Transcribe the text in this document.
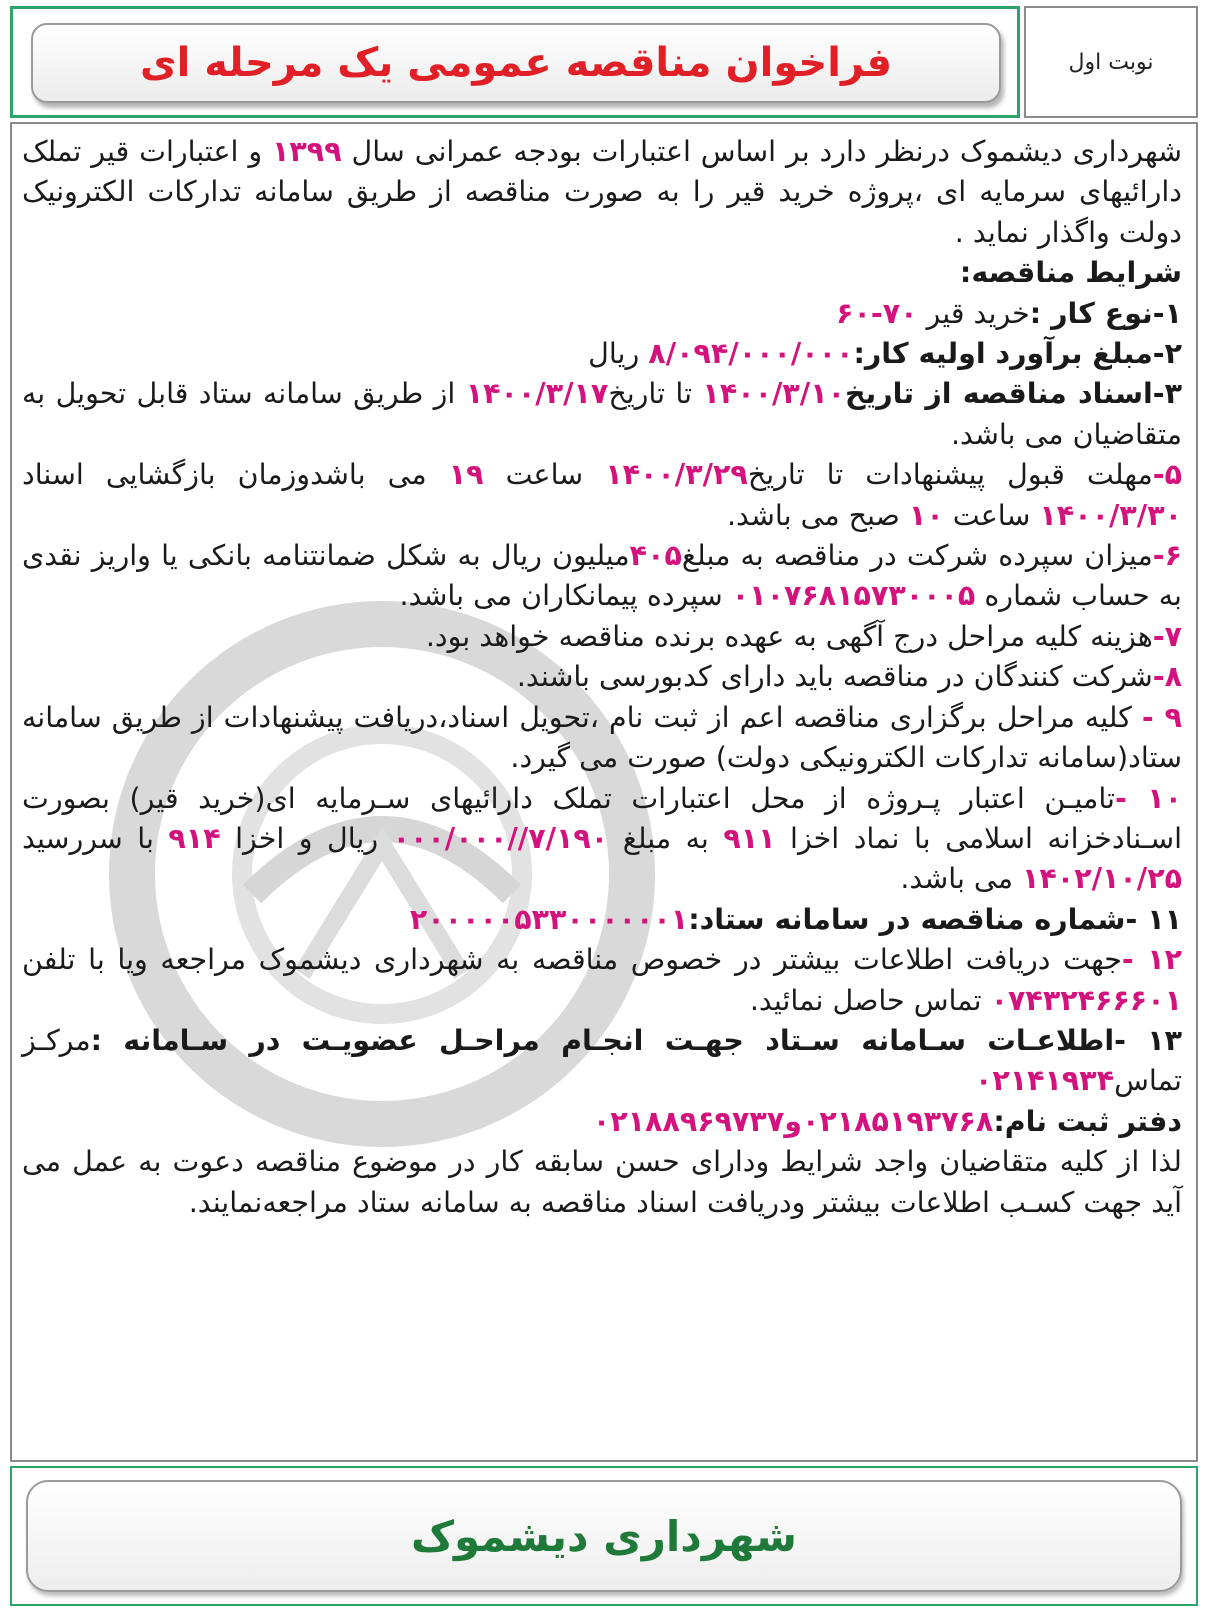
فراخوان مناقصه عمومی یک مرحله ای	نوبت اول

شهرداری دیشموک درنظر دارد بر اساس اعتبارات بودجه عمرانی سال ۱۳۹۹ و اعتبارات قیر تملک دارائیهای سرمایه ای ،پروژه خرید قیر را به صورت مناقصه از طریق سامانه تدارکات الکترونیک دولت واگذار نماید .

شرایط مناقصه:

۱-نوع کار :خرید قیر ۷۰-۶۰

۲-مبلغ برآورد اولیه کار:۸/۰۹۴/۰۰۰/۰۰۰ ریال

۳-اسناد مناقصه از تاریخ۱۴۰۰/۳/۱۰ تا تاریخ۱۴۰۰/۳/۱۷ از طریق سامانه ستاد قابل تحویل به متقاضیان می باشد.

۵-مهلت قبول پیشنهادات تا تاریخ۱۴۰۰/۳/۲۹ ساعت ۱۹ می باشدوزمان بازگشایی اسناد ۱۴۰۰/۳/۳۰ ساعت ۱۰ صبح می باشد.

۶-میزان سپرده شرکت در مناقصه به مبلغ۴۰۵میلیون ریال به شکل ضمانتنامه بانکی یا واریز نقدی به حساب شماره ۰۱۰۷۶۸۱۵۷۳۰۰۰۵ سپرده پیمانکاران می باشد.

۷-هزینه کلیه مراحل درج آگهی به عهده برنده مناقصه خواهد بود.

۸-شرکت کنندگان در مناقصه باید دارای کدبورسی باشند.

۹ - کلیه مراحل برگزاری مناقصه اعم از ثبت نام ،تحویل اسناد،دریافت پیشنهادات از طریق سامانه ستاد(سامانه تدارکات الکترونیکی دولت) صورت می گیرد.

۱۰ -تامیـن اعتبار پـروژه از محل اعتبارات تملک دارائیهای سـرمایه ای(خرید قیر) بصورت اسـنادخزانه اسلامی با نماد اخزا ۹۱۱ به مبلغ ۷/۱۹۰//۰۰۰/۰۰۰ ریال و اخزا ۹۱۴ با سررسید ۱۴۰۲/۱۰/۲۵ می باشد.

۱۱ -شماره مناقصه در سامانه ستاد:۲۰۰۰۰۰۵۳۳۰۰۰۰۰۰۱

۱۲ -جهت دریافت اطلاعات بیشتر در خصوص مناقصه به شهرداری دیشموک مراجعه ویا با تلفن ۰۷۴۳۲۴۶۶۶۰۱ تماس حاصل نمائید.

۱۳ -اطلاعـات سـامانه سـتاد جهـت انجـام مراحـل عضویـت در سـامانه :مرکـز تماس۰۲۱۴۱۹۳۴

دفتر ثبت نام:۰۲۱۸۵۱۹۳۷۶۸و۰۲۱۸۸۹۶۹۷۳۷

لذا از کلیه متقاضیان واجد شرایط ودارای حسن سابقه کار در موضوع مناقصه دعوت به عمل می آید جهت کسـب اطلاعات بیشتر ودریافت اسناد مناقصه به سامانه ستاد مراجعه‌نمایند.

شهرداری دیشموک
